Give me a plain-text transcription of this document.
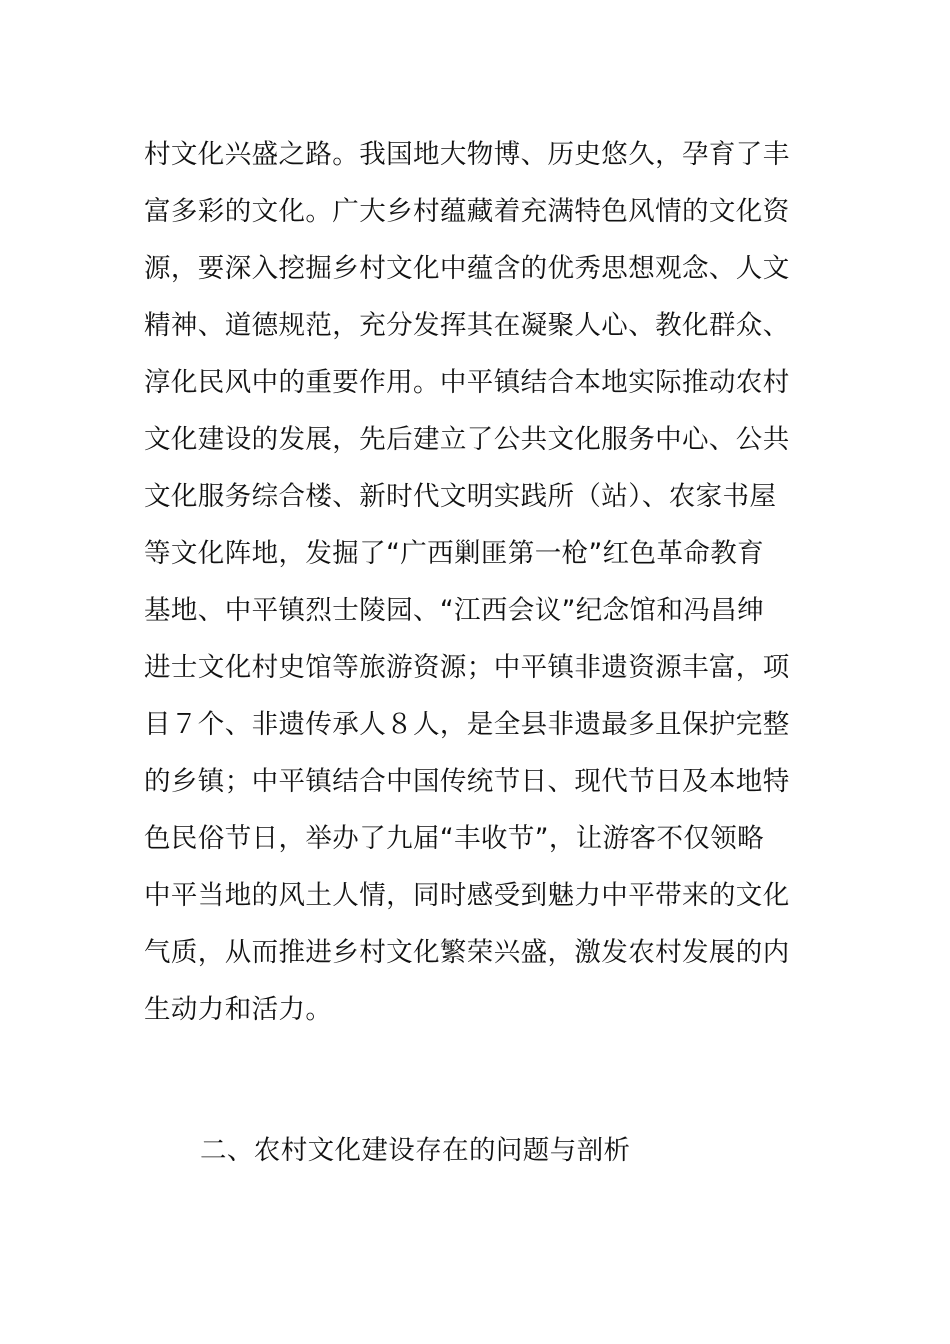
村文化兴盛之路。我国地大物博、历史悠久，孕育了丰
富多彩的文化。广大乡村蕴藏着充满特色风情的文化资
源，要深入挖掘乡村文化中蕴含的优秀思想观念、人文
精神、道德规范，充分发挥其在凝聚人心、教化群众、
淳化民风中的重要作用。中平镇结合本地实际推动农村
文化建设的发展，先后建立了公共文化服务中心、公共
文化服务综合楼、新时代文明实践所（站）、农家书屋
等文化阵地，发掘了“广西剿匪第一枪”红色革命教育
基地、中平镇烈士陵园、“江西会议”纪念馆和冯昌绅
进士文化村史馆等旅游资源；中平镇非遗资源丰富，项
目７个、非遗传承人８人，是全县非遗最多且保护完整
的乡镇；中平镇结合中国传统节日、现代节日及本地特
色民俗节日，举办了九届“丰收节”，让游客不仅领略
中平当地的风土人情，同时感受到魅力中平带来的文化
气质，从而推进乡村文化繁荣兴盛，激发农村发展的内
生动力和活力。
二、农村文化建设存在的问题与剖析
